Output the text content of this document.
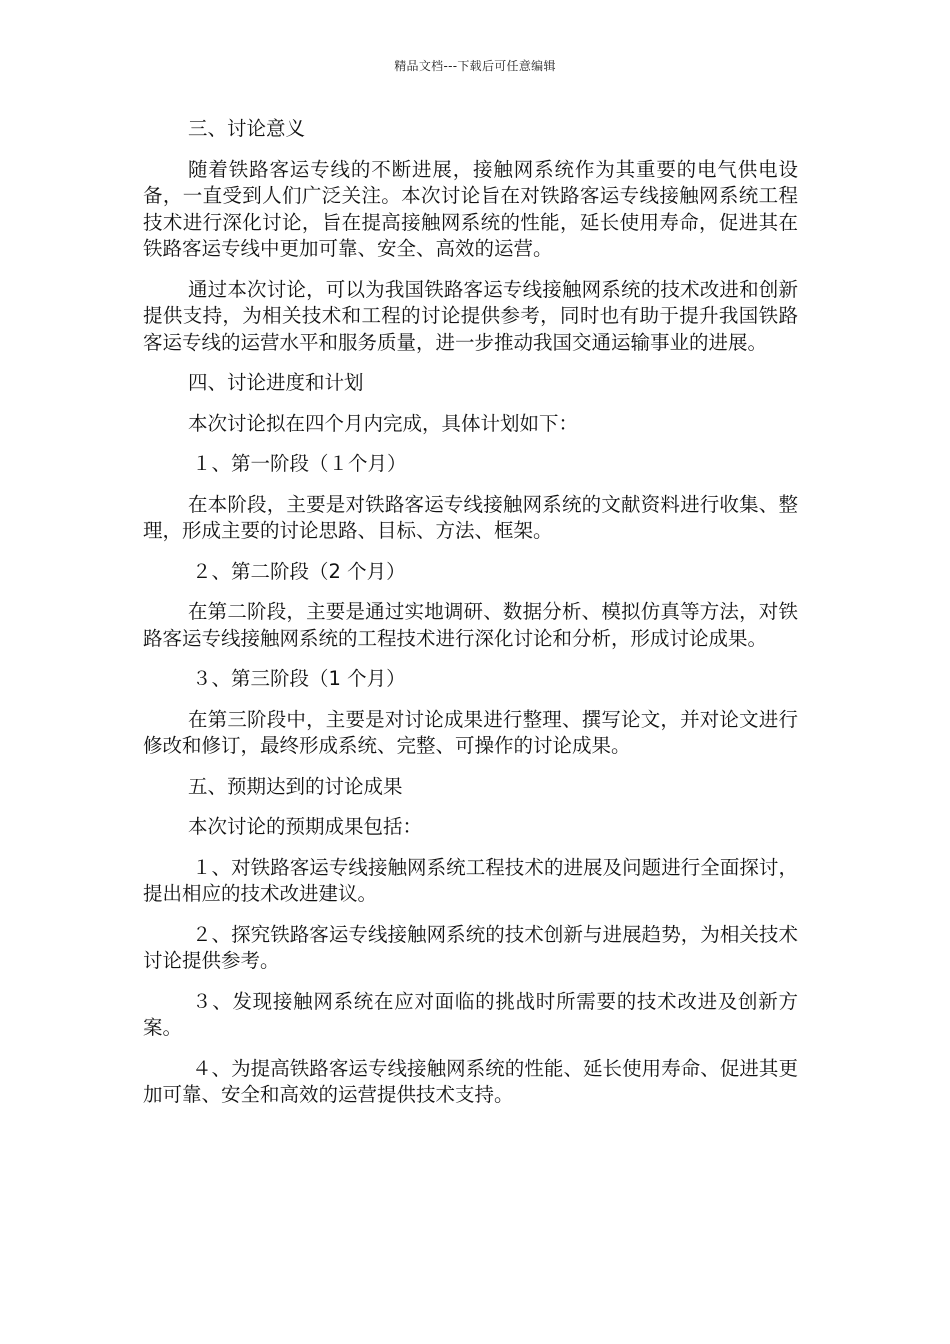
精品文档---下载后可任意编辑

三、讨论意义

随着铁路客运专线的不断进展，接触网系统作为其重要的电气供电设备，一直受到人们广泛关注。本次讨论旨在对铁路客运专线接触网系统工程技术进行深化讨论，旨在提高接触网系统的性能，延长使用寿命，促进其在铁路客运专线中更加可靠、安全、高效的运营。

通过本次讨论，可以为我国铁路客运专线接触网系统的技术改进和创新提供支持，为相关技术和工程的讨论提供参考，同时也有助于提升我国铁路客运专线的运营水平和服务质量，进一步推动我国交通运输事业的进展。

四、讨论进度和计划

本次讨论拟在四个月内完成，具体计划如下：

１、第一阶段（１个月）

在本阶段，主要是对铁路客运专线接触网系统的文献资料进行收集、整理，形成主要的讨论思路、目标、方法、框架。

２、第二阶段（2 个月）

在第二阶段，主要是通过实地调研、数据分析、模拟仿真等方法，对铁路客运专线接触网系统的工程技术进行深化讨论和分析，形成讨论成果。

３、第三阶段（1 个月）

在第三阶段中，主要是对讨论成果进行整理、撰写论文，并对论文进行修改和修订，最终形成系统、完整、可操作的讨论成果。

五、预期达到的讨论成果

本次讨论的预期成果包括：

１、对铁路客运专线接触网系统工程技术的进展及问题进行全面探讨，提出相应的技术改进建议。

２、探究铁路客运专线接触网系统的技术创新与进展趋势，为相关技术讨论提供参考。

３、发现接触网系统在应对面临的挑战时所需要的技术改进及创新方案。

４、为提高铁路客运专线接触网系统的性能、延长使用寿命、促进其更加可靠、安全和高效的运营提供技术支持。
